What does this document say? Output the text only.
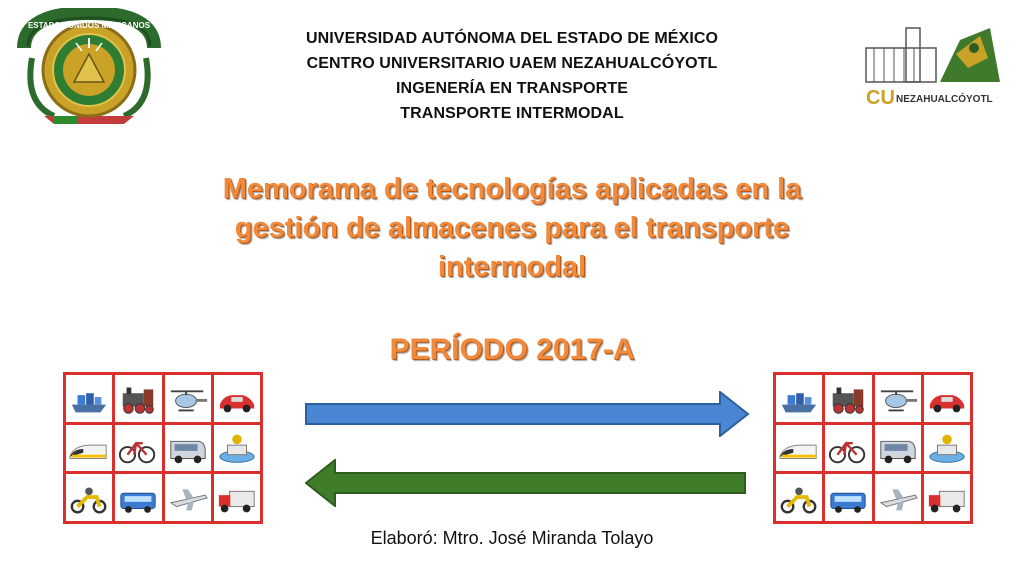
ESTADOS UNIDOS MEXICANOS
CU NEZAHUALCÓYOTL
UNIVERSIDAD AUTÓNOMA DEL ESTADO DE MÉXICO
CENTRO UNIVERSITARIO UAEM NEZAHUALCÓYOTL
INGENERÍA EN TRANSPORTE
TRANSPORTE INTERMODAL
Memorama de tecnologías aplicadas en la
gestión de almacenes para el transporte
intermodal
PERÍODO 2017-A
Elaboró: Mtro. José Miranda Tolayo
